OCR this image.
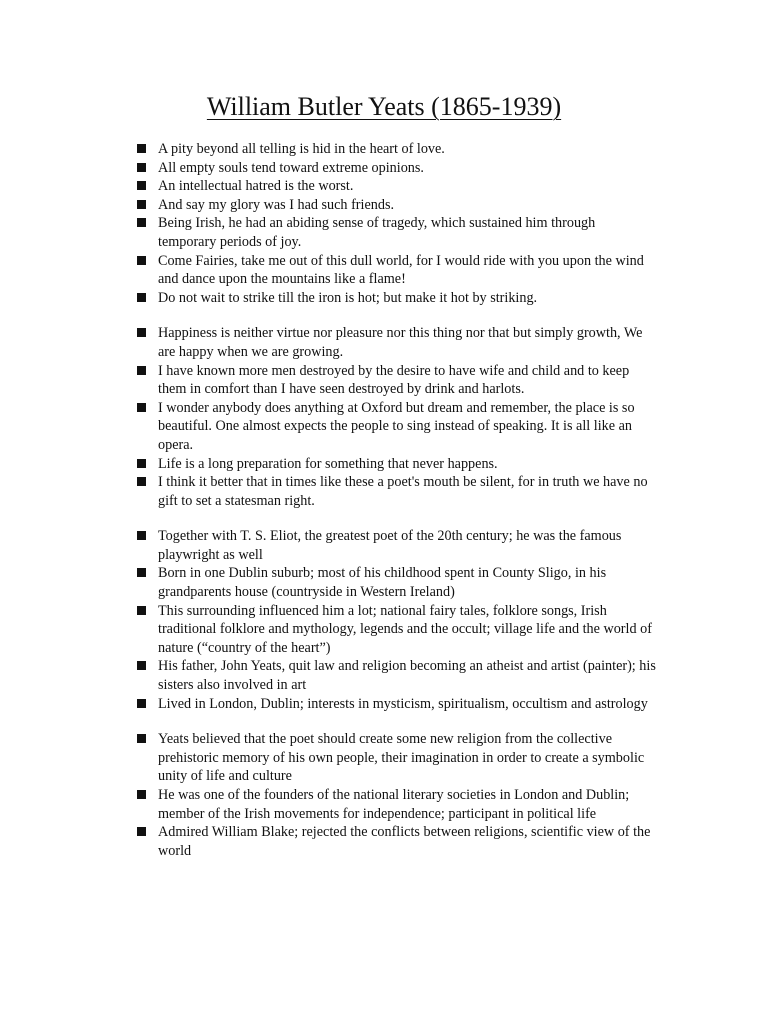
William Butler Yeats (1865-1939)
A pity beyond all telling is hid in the heart of love.
All empty souls tend toward extreme opinions.
An intellectual hatred is the worst.
And say my glory was I had such friends.
Being Irish, he had an abiding sense of tragedy, which sustained him through temporary periods of joy.
Come Fairies, take me out of this dull world, for I would ride with you upon the wind and dance upon the mountains like a flame!
Do not wait to strike till the iron is hot; but make it hot by striking.
Happiness is neither virtue nor pleasure nor this thing nor that but simply growth, We are happy when we are growing.
I have known more men destroyed by the desire to have wife and child and to keep them in comfort than I have seen destroyed by drink and harlots.
I wonder anybody does anything at Oxford but dream and remember, the place is so beautiful. One almost expects the people to sing instead of speaking. It is all like an opera.
Life is a long preparation for something that never happens.
I think it better that in times like these a poet's mouth be silent, for in truth we have no gift to set a statesman right.
Together with T. S. Eliot, the greatest poet of the 20th century; he was the famous playwright as well
Born in one Dublin suburb; most of his childhood spent in County Sligo, in his grandparents house (countryside in Western Ireland)
This surrounding influenced him a lot; national fairy tales, folklore songs, Irish traditional folklore and mythology, legends and the occult; village life and the world of nature (“country of the heart”)
His father, John Yeats, quit law and religion becoming an atheist and artist (painter); his sisters also involved in art
Lived in London, Dublin; interests in mysticism, spiritualism, occultism and astrology
Yeats believed that the poet should create some new religion from the collective prehistoric memory of his own people, their imagination in order to create a symbolic unity of life and culture
He was one of the founders of the national literary societies in London and Dublin; member of the Irish movements for independence; participant in political life
Admired William Blake; rejected the conflicts between religions, scientific view of the world
